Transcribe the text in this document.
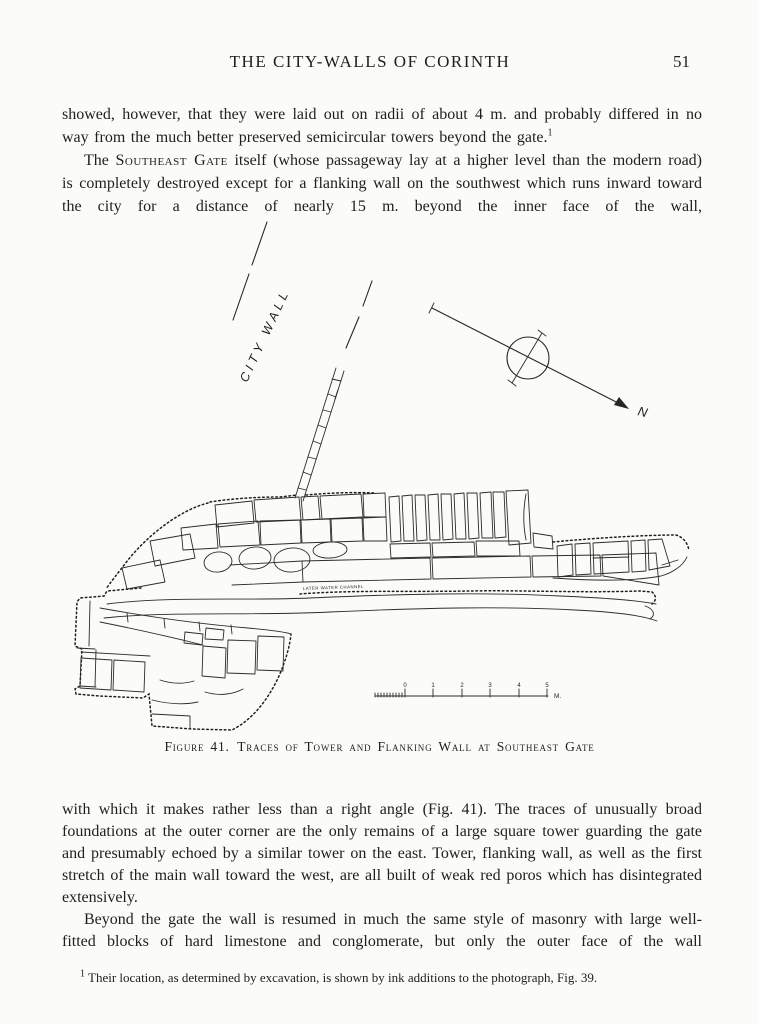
THE CITY-WALLS OF CORINTH	51

showed, however, that they were laid out on radii of about 4 m. and probably differed in no way from the much better preserved semicircular towers beyond the gate.$^1$

The Southeast Gate itself (whose passageway lay at a higher level than the modern road) is completely destroyed except for a flanking wall on the southwest which runs inward toward the city for a distance of nearly 15 m. beyond the inner face of the wall,

CITY WALL
N
LATER WATER CHANNEL
0	1	2	3	4	5
M.
Figure 41. Traces of Tower and Flanking Wall at Southeast Gate

with which it makes rather less than a right angle (Fig. 41). The traces of unusually broad foundations at the outer corner are the only remains of a large square tower guarding the gate and presumably echoed by a similar tower on the east. Tower, flanking wall, as well as the first stretch of the main wall toward the west, are all built of weak red poros which has disintegrated extensively.

Beyond the gate the wall is resumed in much the same style of masonry with large well-fitted blocks of hard limestone and conglomerate, but only the outer face of the wall

$^1$ Their location, as determined by excavation, is shown by ink additions to the photograph, Fig. 39.
